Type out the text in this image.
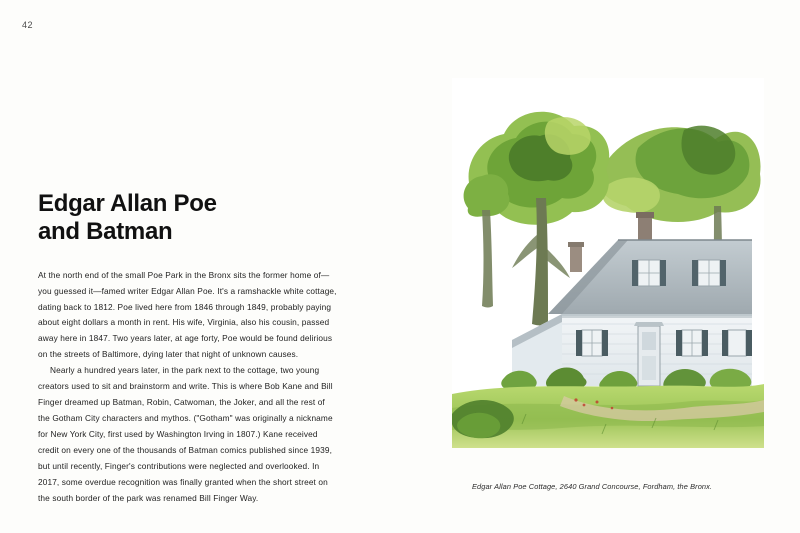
42
Edgar Allan Poe
and Batman

At the north end of the small Poe Park in the Bronx sits the former home of—you guessed it—famed writer Edgar Allan Poe. It's a ramshackle white cottage, dating back to 1812. Poe lived here from 1846 through 1849, probably paying about eight dollars a month in rent. His wife, Virginia, also his cousin, passed away here in 1847. Two years later, at age forty, Poe would be found delirious on the streets of Baltimore, dying later that night of unknown causes.

Nearly a hundred years later, in the park next to the cottage, two young creators used to sit and brainstorm and write. This is where Bob Kane and Bill Finger dreamed up Batman, Robin, Catwoman, the Joker, and all the rest of the Gotham City characters and mythos. ("Gotham" was originally a nickname for New York City, first used by Washington Irving in 1807.) Kane received credit on every one of the thousands of Batman comics published since 1939, but until recently, Finger's contributions were neglected and overlooked. In 2017, some overdue recognition was finally granted when the short street on the south border of the park was renamed Bill Finger Way.

Edgar Allan Poe Cottage, 2640 Grand Concourse, Fordham, the Bronx.
